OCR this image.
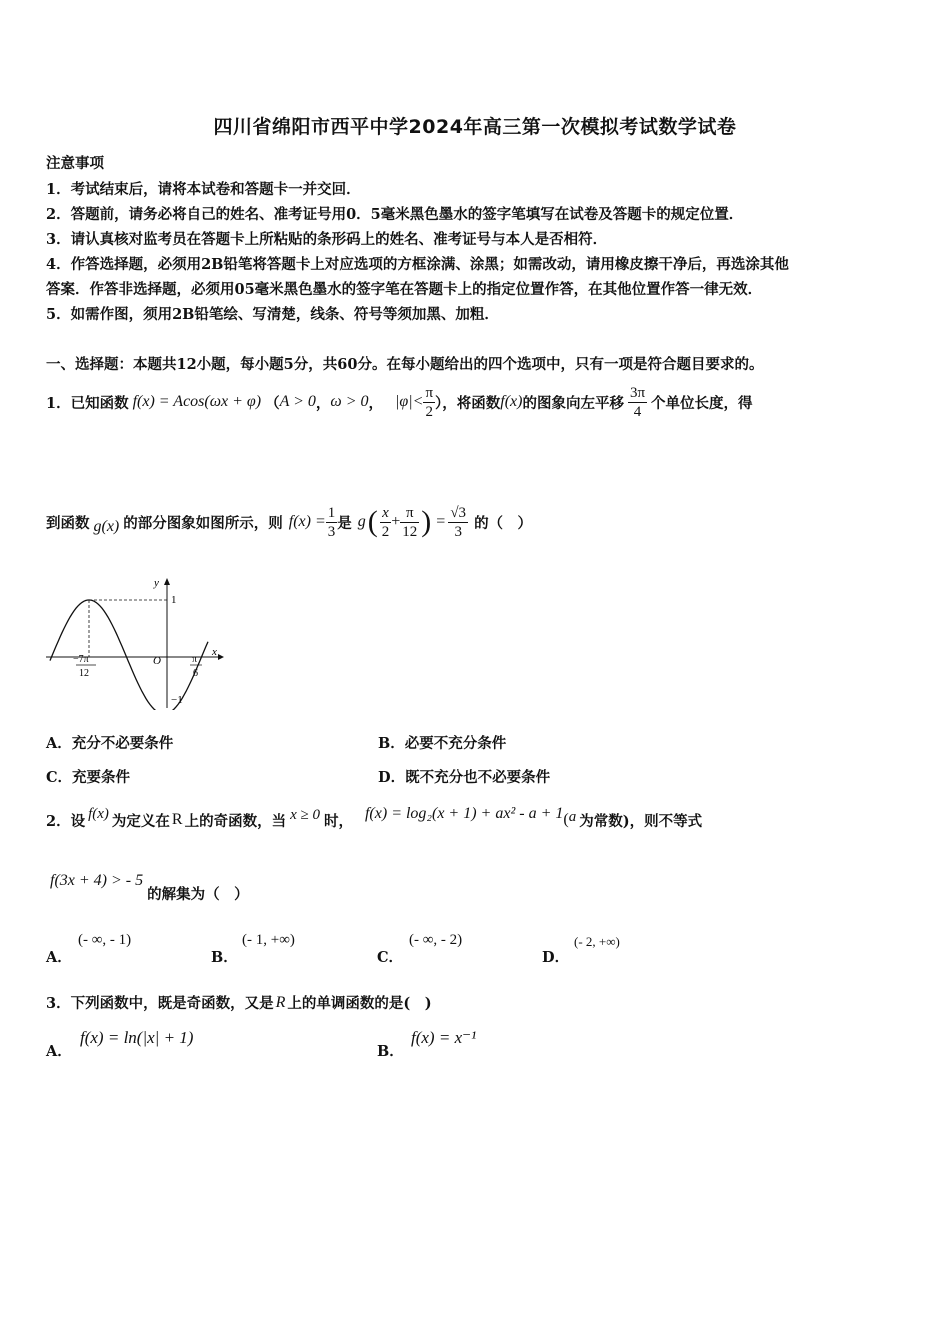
四川省绵阳市西平中学2024年高三第一次模拟考试数学试卷
注意事项
1．考试结束后，请将本试卷和答题卡一并交回．
2．答题前，请务必将自己的姓名、准考证号用0．5毫米黑色墨水的签字笔填写在试卷及答题卡的规定位置．
3．请认真核对监考员在答题卡上所粘贴的条形码上的姓名、准考证号与本人是否相符．
4．作答选择题，必须用2B铅笔将答题卡上对应选项的方框涂满、涂黑；如需改动，请用橡皮擦干净后，再选涂其他
答案．作答非选择题，必须用05毫米黑色墨水的签字笔在答题卡上的指定位置作答，在其他位置作答一律无效．
5．如需作图，须用2B铅笔绘、写清楚，线条、符号等须加黑、加粗．
一、选择题：本题共12小题，每小题5分，共60分。在每小题给出的四个选项中，只有一项是符合题目要求的。
1．已知函数 f(x) = Acos(ωx + φ) （ A > 0 ， ω > 0 ， $|\varphi|< \frac{\pi}{2}$ ），将函数 f(x) 的图象向左平移 $\frac{3\pi}{4}$ 个单位长度，得
到函数 g(x) 的部分图象如图所示，则 $f(x) = \frac{1}{3}$ 是 g ( $\frac{x}{2} + \frac{\pi}{12}$ ) = $\frac{√3}{3}$ 的（　）
y
x
O
1
−1
−7π
12
π
6
A．充分不必要条件	B．必要不充分条件
C．充要条件	D．既不充分也不必要条件
2．设 f(x) 为定义在 R 上的奇函数，当 x ≥ 0 时， f(x) = log₂(x + 1) + ax² - a + 1 ( a 为常数)，则不等式
f(3x + 4) > - 5
的解集为（　）
A．
(- ∞, - 1)
B．
(- 1, +∞)
C．
(- ∞, - 2)
D．
(- 2, +∞)
3．下列函数中，既是奇函数，又是 R 上的单调函数的是(　)
A．
f(x) = ln(|x| + 1)
B．
f(x) = x⁻¹
